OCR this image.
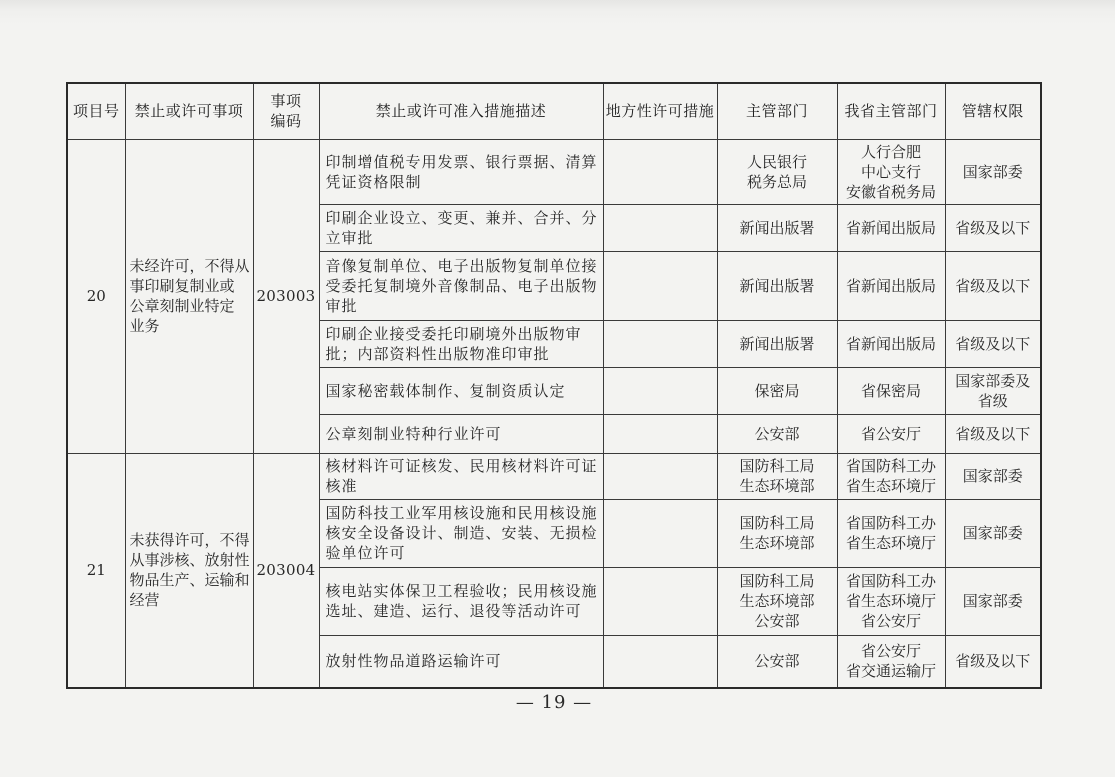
项目号	禁止或许可事项	事项
编码	禁止或许可准入措施描述	地方性许可措施	主管部门	我省主管部门	管辖权限
20	未经许可，不得从
事印刷复制业或
公章刻制业特定
业务	203003	印制增值税专用发票、银行票据、清算凭证资格限制		人民银行
税务总局	人行合肥
中心支行
安徽省税务局	国家部委
			印刷企业设立、变更、兼并、合并、分立审批		新闻出版署	省新闻出版局	省级及以下
			音像复制单位、电子出版物复制单位接受委托复制境外音像制品、电子出版物审批		新闻出版署	省新闻出版局	省级及以下
			印刷企业接受委托印刷境外出版物审批；内部资料性出版物准印审批		新闻出版署	省新闻出版局	省级及以下
			国家秘密载体制作、复制资质认定		保密局	省保密局	国家部委及
省级
			公章刻制业特种行业许可		公安部	省公安厅	省级及以下
21	未获得许可，不得
从事涉核、放射性
物品生产、运输和
经营	203004	核材料许可证核发、民用核材料许可证核准		国防科工局
生态环境部	省国防科工办
省生态环境厅	国家部委
			国防科技工业军用核设施和民用核设施核安全设备设计、制造、安装、无损检验单位许可		国防科工局
生态环境部	省国防科工办
省生态环境厅	国家部委
			核电站实体保卫工程验收；民用核设施选址、建造、运行、退役等活动许可		国防科工局
生态环境部
公安部	省国防科工办
省生态环境厅
省公安厅	国家部委
			放射性物品道路运输许可		公安部	省公安厅
省交通运输厅	省级及以下
— 19 —
